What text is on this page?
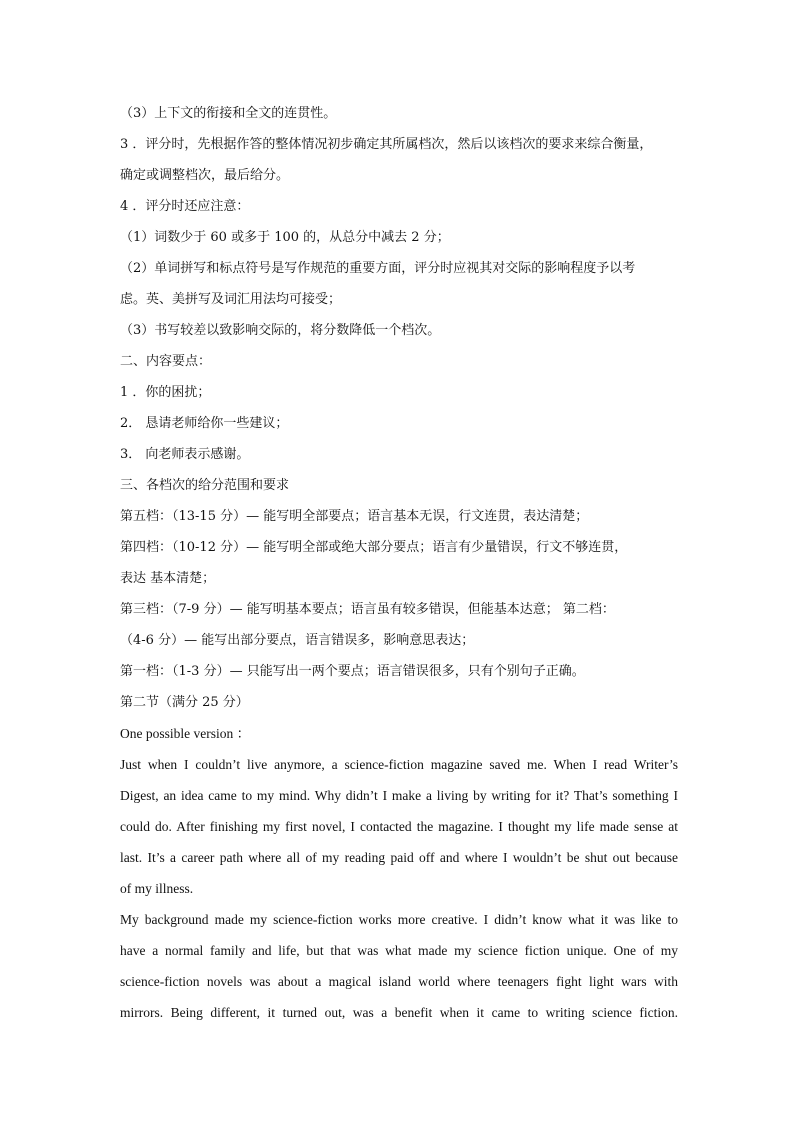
（3）上下文的衔接和全文的连贯性。
3 ．评分时，先根据作答的整体情况初步确定其所属档次，然后以该档次的要求来综合衡量，
确定或调整档次，最后给分。
4 ．评分时还应注意：
（1）词数少于 60 或多于 100 的，从总分中减去 2 分；
（2）单词拼写和标点符号是写作规范的重要方面，评分时应视其对交际的影响程度予以考
虑。英、美拼写及词汇用法均可接受；
（3）书写较差以致影响交际的，将分数降低一个档次。
二、内容要点：
1 ．你的困扰；
2． 恳请老师给你一些建议；
3． 向老师表示感谢。
三、各档次的给分范围和要求
第五档：（13-15 分）— 能写明全部要点；语言基本无误，行文连贯，表达清楚；
第四档：（10-12 分）— 能写明全部或绝大部分要点；语言有少量错误，行文不够连贯，
表达 基本清楚；
第三档：（7-9 分）— 能写明基本要点；语言虽有较多错误，但能基本达意； 第二档：
（4-6 分）— 能写出部分要点，语言错误多，影响意思表达；
第一档：（1-3 分）— 只能写出一两个要点；语言错误很多，只有个别句子正确。
第二节（满分 25 分）
One possible version ：
Just when I couldn’t live anymore, a science-fiction magazine saved me. When I read Writer’s
Digest, an idea came to my mind. Why didn’t I make a living by writing for it? That’s something I
could do. After finishing my first novel, I contacted the magazine. I thought my life made sense at
last. It’s a career path where all of my reading paid off and where I wouldn’t be shut out because
of my illness.
My background made my science-fiction works more creative. I didn’t know what it was like to
have a normal family and life, but that was what made my science fiction unique. One of my
science-fiction novels was about a magical island world where teenagers fight light wars with
mirrors. Being different, it turned out, was a benefit when it came to writing science fiction.
